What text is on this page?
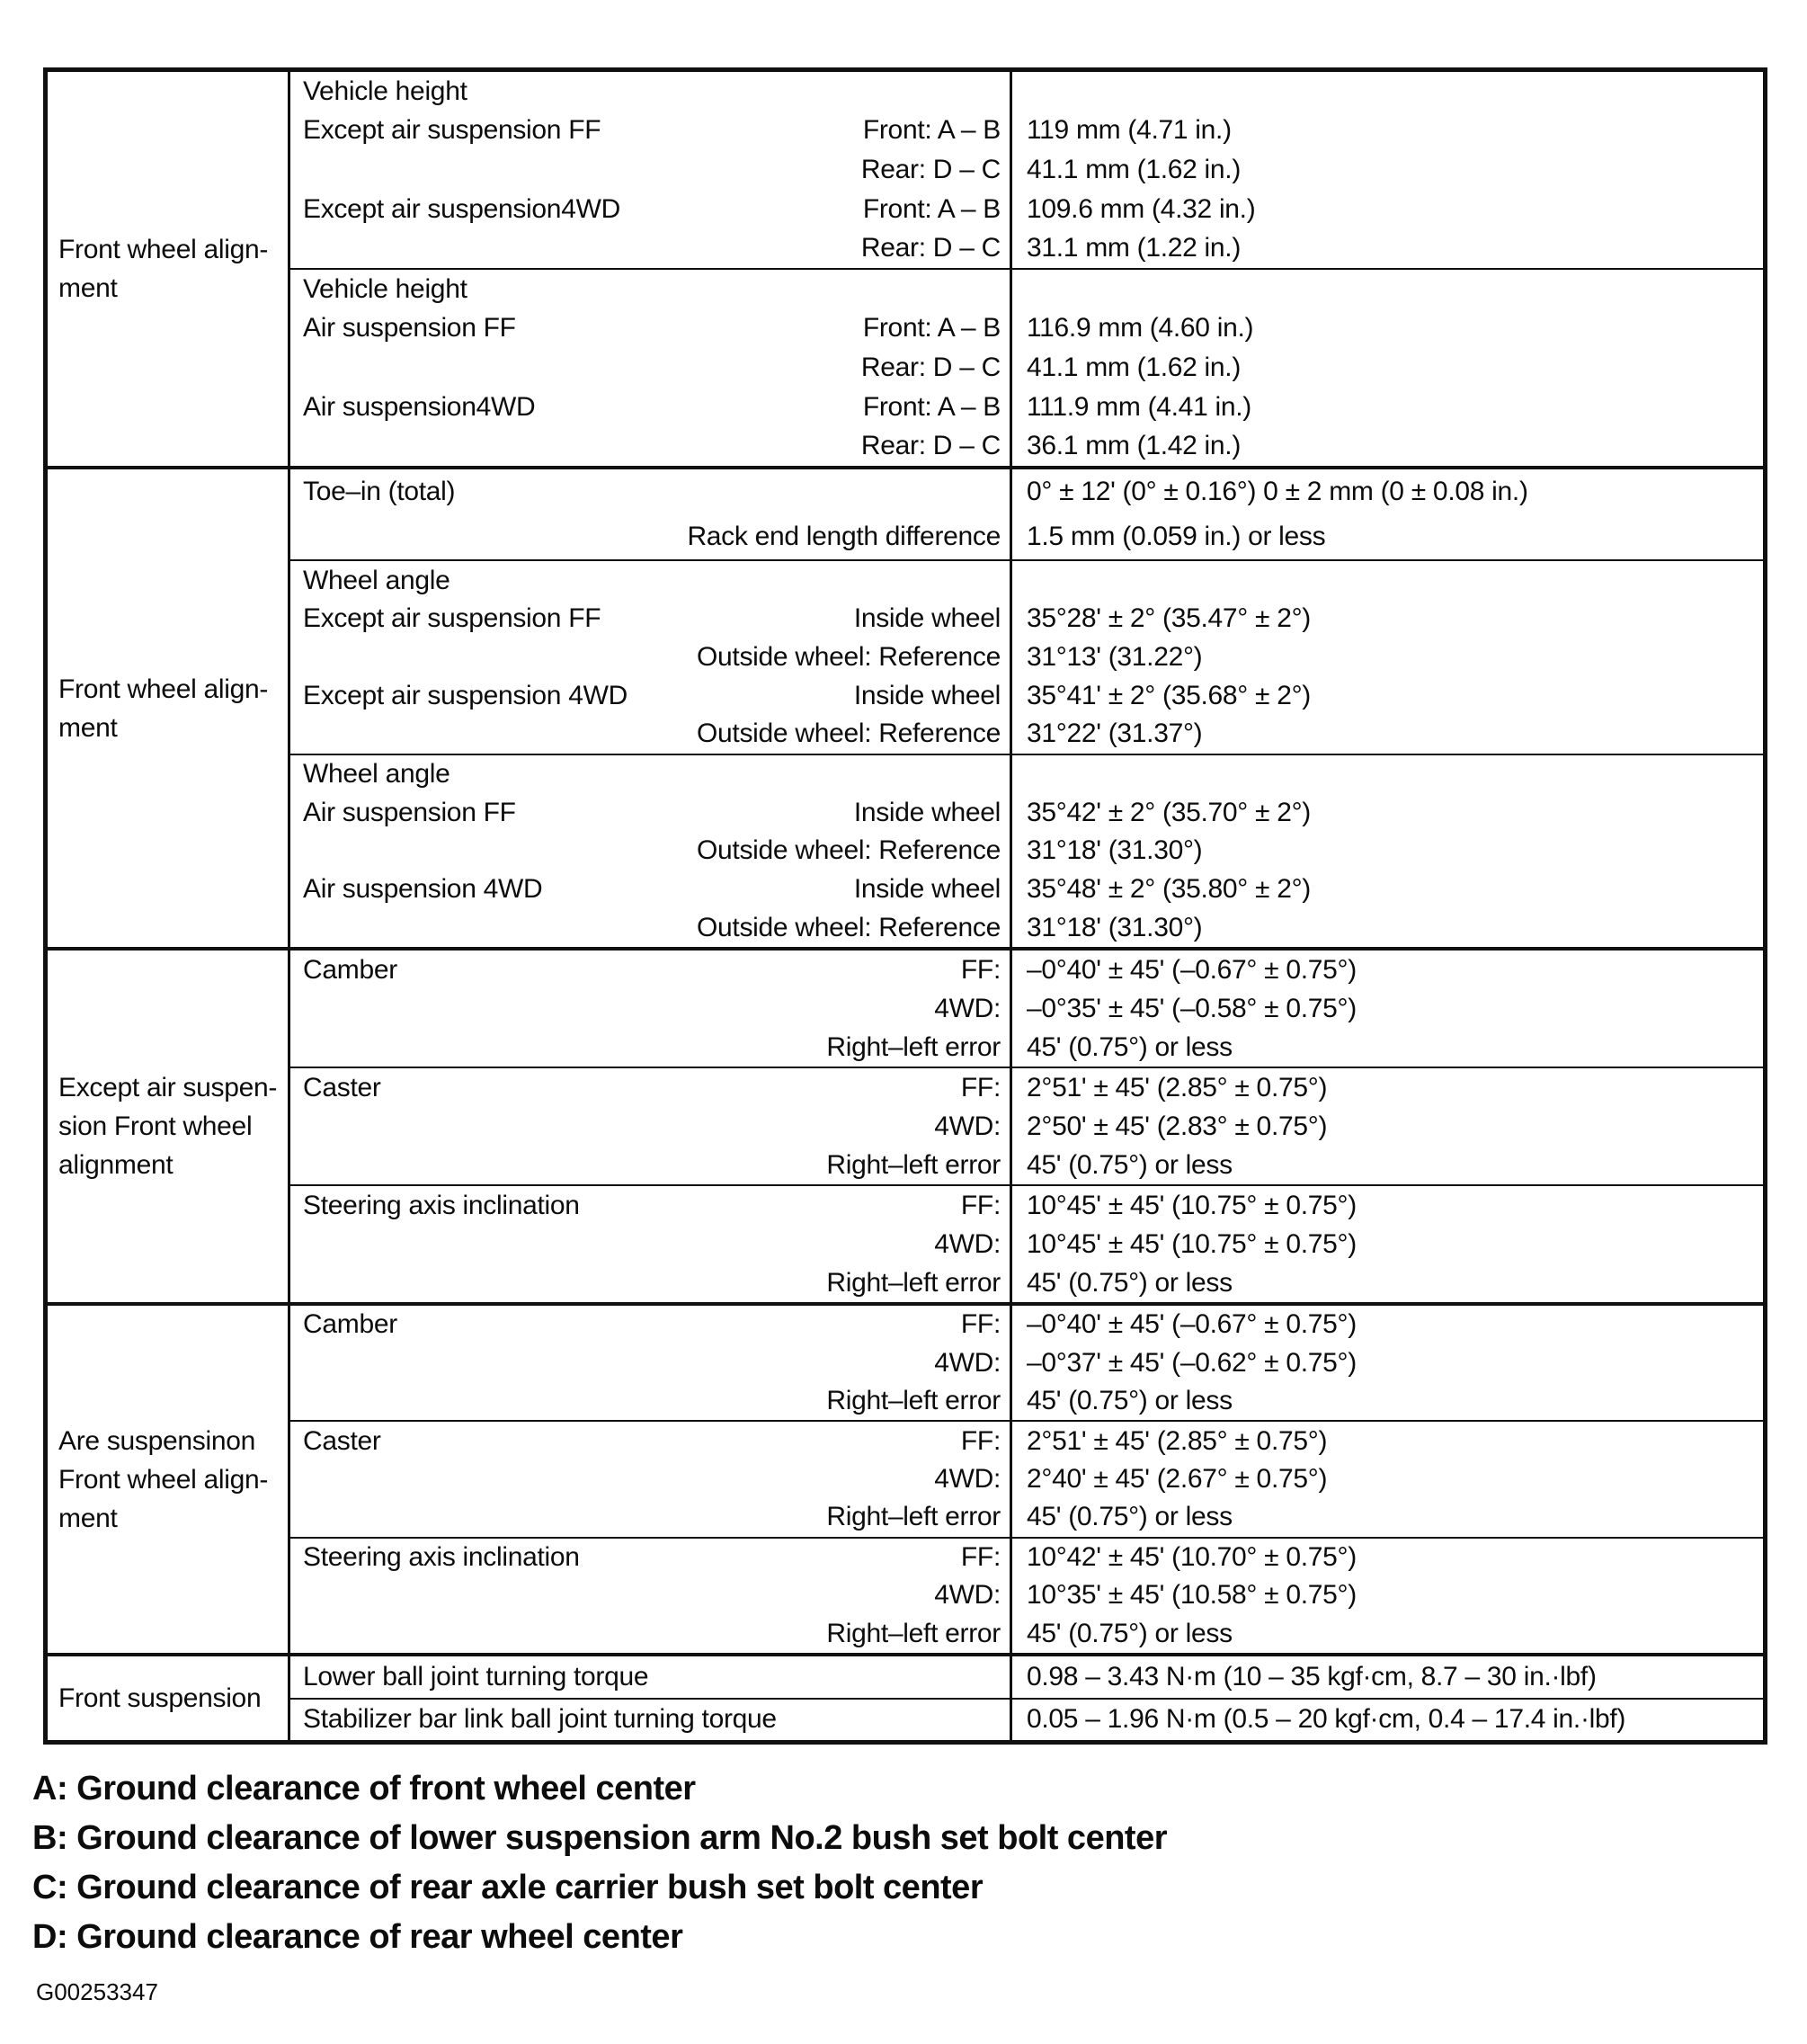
Front wheel align-
ment
Vehicle height
Except air suspension FF	Front: A – B 119 mm (4.71 in.)
Rear: D – C 41.1 mm (1.62 in.)
Except air suspension4WD	Front: A – B 109.6 mm (4.32 in.)
Rear: D – C 31.1 mm (1.22 in.)
Vehicle height
Air suspension FF	Front: A – B 116.9 mm (4.60 in.)
Rear: D – C 41.1 mm (1.62 in.)
Air suspension4WD	Front: A – B 111.9 mm (4.41 in.)
Rear: D – C 36.1 mm (1.42 in.)
Front wheel align-
ment
Toe–in (total)	0° ± 12' (0° ± 0.16°) 0 ± 2 mm (0 ± 0.08 in.)
Rack end length difference 1.5 mm (0.059 in.) or less
Wheel angle
Except air suspension FF	Inside wheel 35°28' ± 2° (35.47° ± 2°)
Outside wheel: Reference 31°13' (31.22°)
Except air suspension 4WD	Inside wheel 35°41' ± 2° (35.68° ± 2°)
Outside wheel: Reference 31°22' (31.37°)
Wheel angle
Air suspension FF	Inside wheel 35°42' ± 2° (35.70° ± 2°)
Outside wheel: Reference 31°18' (31.30°)
Air suspension 4WD	Inside wheel 35°48' ± 2° (35.80° ± 2°)
Outside wheel: Reference 31°18' (31.30°)
Except air suspen-
sion Front wheel
alignment
Camber	FF: –0°40' ± 45' (–0.67° ± 0.75°)
4WD: –0°35' ± 45' (–0.58° ± 0.75°)
Right–left error 45' (0.75°) or less
Caster	FF: 2°51' ± 45' (2.85° ± 0.75°)
4WD: 2°50' ± 45' (2.83° ± 0.75°)
Right–left error 45' (0.75°) or less
Steering axis inclination	FF: 10°45' ± 45' (10.75° ± 0.75°)
4WD: 10°45' ± 45' (10.75° ± 0.75°)
Right–left error 45' (0.75°) or less
Are suspensinon
Front wheel align-
ment
Camber	FF: –0°40' ± 45' (–0.67° ± 0.75°)
4WD: –0°37' ± 45' (–0.62° ± 0.75°)
Right–left error 45' (0.75°) or less
Caster	FF: 2°51' ± 45' (2.85° ± 0.75°)
4WD: 2°40' ± 45' (2.67° ± 0.75°)
Right–left error 45' (0.75°) or less
Steering axis inclination	FF: 10°42' ± 45' (10.70° ± 0.75°)
4WD: 10°35' ± 45' (10.58° ± 0.75°)
Right–left error 45' (0.75°) or less
Front suspension
Lower ball joint turning torque	0.98 – 3.43 N·m (10 – 35 kgf·cm, 8.7 – 30 in.·lbf)
Stabilizer bar link ball joint turning torque	0.05 – 1.96 N·m (0.5 – 20 kgf·cm, 0.4 – 17.4 in.·lbf)
A: Ground clearance of front wheel center
B: Ground clearance of lower suspension arm No.2 bush set bolt center
C: Ground clearance of rear axle carrier bush set bolt center
D: Ground clearance of rear wheel center
G00253347
